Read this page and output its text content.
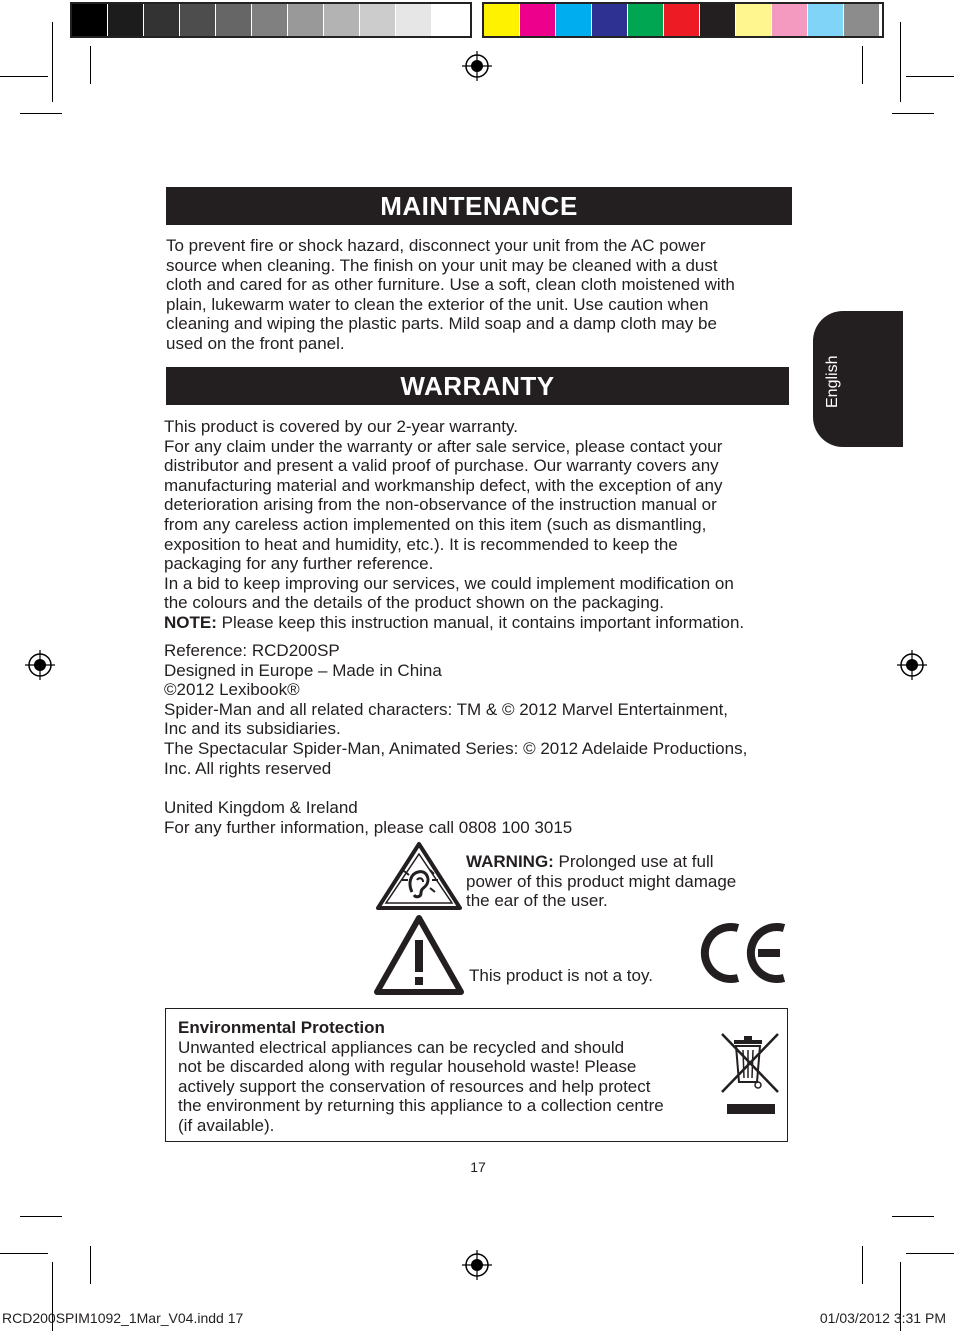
English
MAINTENANCE
To prevent fire or shock hazard, disconnect your unit from the AC power
source when cleaning. The finish on your unit may be cleaned with a dust
cloth and cared for as other furniture. Use a soft, clean cloth moistened with
plain, lukewarm water to clean the exterior of the unit. Use caution when
cleaning and wiping the plastic parts. Mild soap and a damp cloth may be
used on the front panel.
WARRANTY
This product is covered by our 2-year warranty.
For any claim under the warranty or after sale service, please contact your
distributor and present a valid proof of purchase. Our warranty covers any
manufacturing material and workmanship defect, with the exception of any
deterioration arising from the non-observance of the instruction manual or
from any careless action implemented on this item (such as dismantling,
exposition to heat and humidity, etc.). It is recommended to keep the
packaging for any further reference.
In a bid to keep improving our services, we could implement modification on
the colours and the details of the product shown on the packaging.
NOTE: Please keep this instruction manual, it contains important information.
Reference: RCD200SP
Designed in Europe – Made in China
©2012 Lexibook®
Spider-Man and all related characters: TM & © 2012 Marvel Entertainment,
Inc and its subsidiaries.
The Spectacular Spider-Man, Animated Series: © 2012 Adelaide Productions,
Inc. All rights reserved
United Kingdom & Ireland
For any further information, please call 0808 100 3015
WARNING: Prolonged use at full
power of this product might damage
the ear of the user.
This product is not a toy.
Environmental Protection
Unwanted electrical appliances can be recycled and should
not be discarded along with regular household waste! Please
actively support the conservation of resources and help protect
the environment by returning this appliance to a collection centre
(if available).
17
RCD200SPIM1092_1Mar_V04.indd 17	01/03/2012 3:31 PM
